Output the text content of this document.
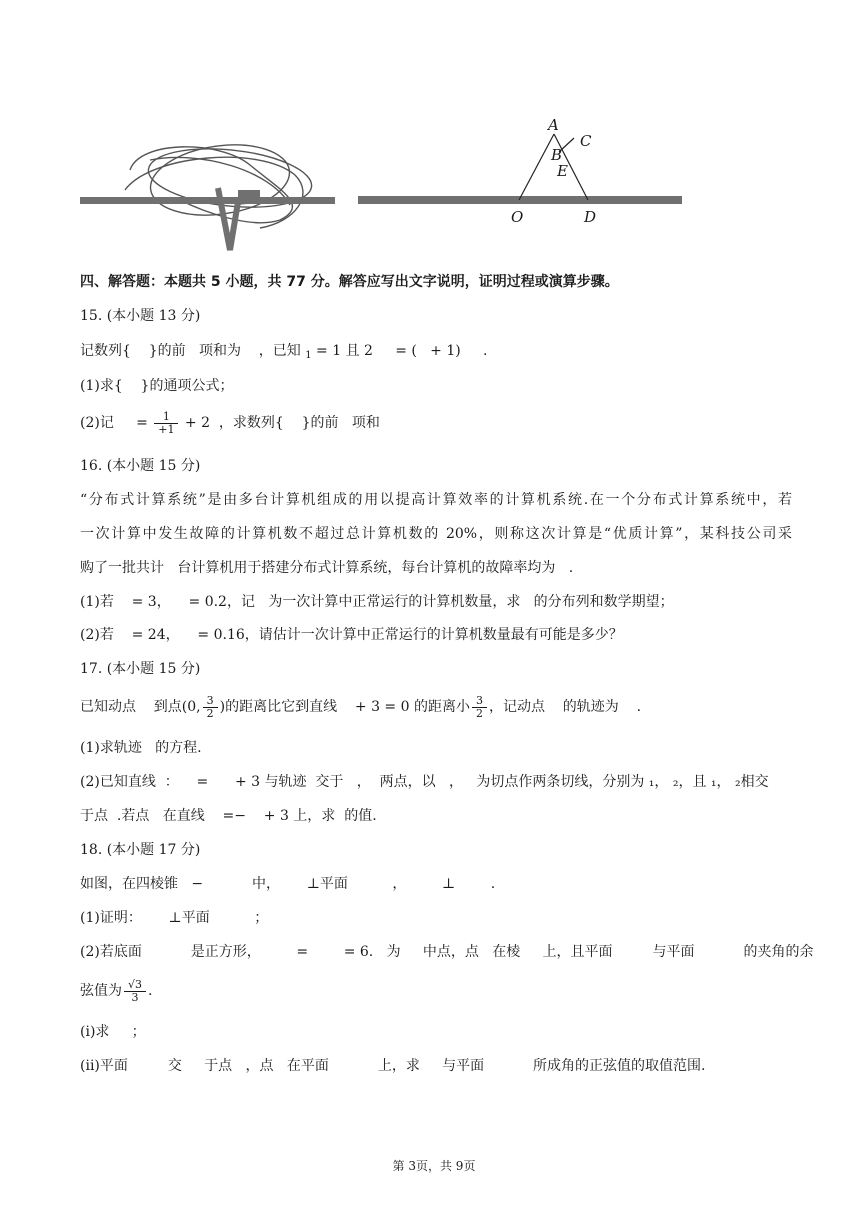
A
C
B
E
O	D
四、解答题：本题共 5 小题，共 77 分。解答应写出文字说明，证明过程或演算步骤。
15. (本小题 13 分)
记数列{    }的前   项和为    ，已知 $_1$ = 1 且 2     = (   + 1)     .
(1)求{    }的通项公式；
(2)记     = $\frac{1}{+1} + 2$  ，求数列{    }的前   项和
16. (本小题 15 分)
“分布式计算系统”是由多台计算机组成的用以提高计算效率的计算机系统.在一个分布式计算系统中，若
一次计算中发生故障的计算机数不超过总计算机数的 20%，则称这次计算是“优质计算”，某科技公司采
购了一批共计   台计算机用于搭建分布式计算系统，每台计算机的故障率均为   .
(1)若    = 3，    = 0.2，记   为一次计算中正常运行的计算机数量，求   的分布列和数学期望；
(2)若    = 24，    = 0.16，请估计一次计算中正常运行的计算机数量最有可能是多少？
17. (本小题 15 分)
已知动点    到点(0, $\frac{3}{2}$ )的距离比它到直线    + 3 = 0 的距离小 $\frac{3}{2}$ ，记动点    的轨迹为    .
(1)求轨迹   的方程.
(2)已知直线  ：    =      + 3 与轨迹  交于   ，  两点，以   ，   为切点作两条切线，分别为 ₁， ₂，且 ₁， ₂相交
于点  .若点   在直线    =−    + 3 上，求  的值.
18. (本小题 17 分)
如图，在四棱锥   −           中，      ⊥平面          ，        ⊥        .
(1)证明：      ⊥平面          ；
(2)若底面           是正方形，        =        = 6.   为     中点，点   在棱     上，且平面         与平面           的夹角的余
弦值为 $\frac{√3}{3}$ .
(i)求     ；
(ii)平面         交     于点   ，点   在平面           上，求     与平面           所成角的正弦值的取值范围.
第 3页，共 9页
